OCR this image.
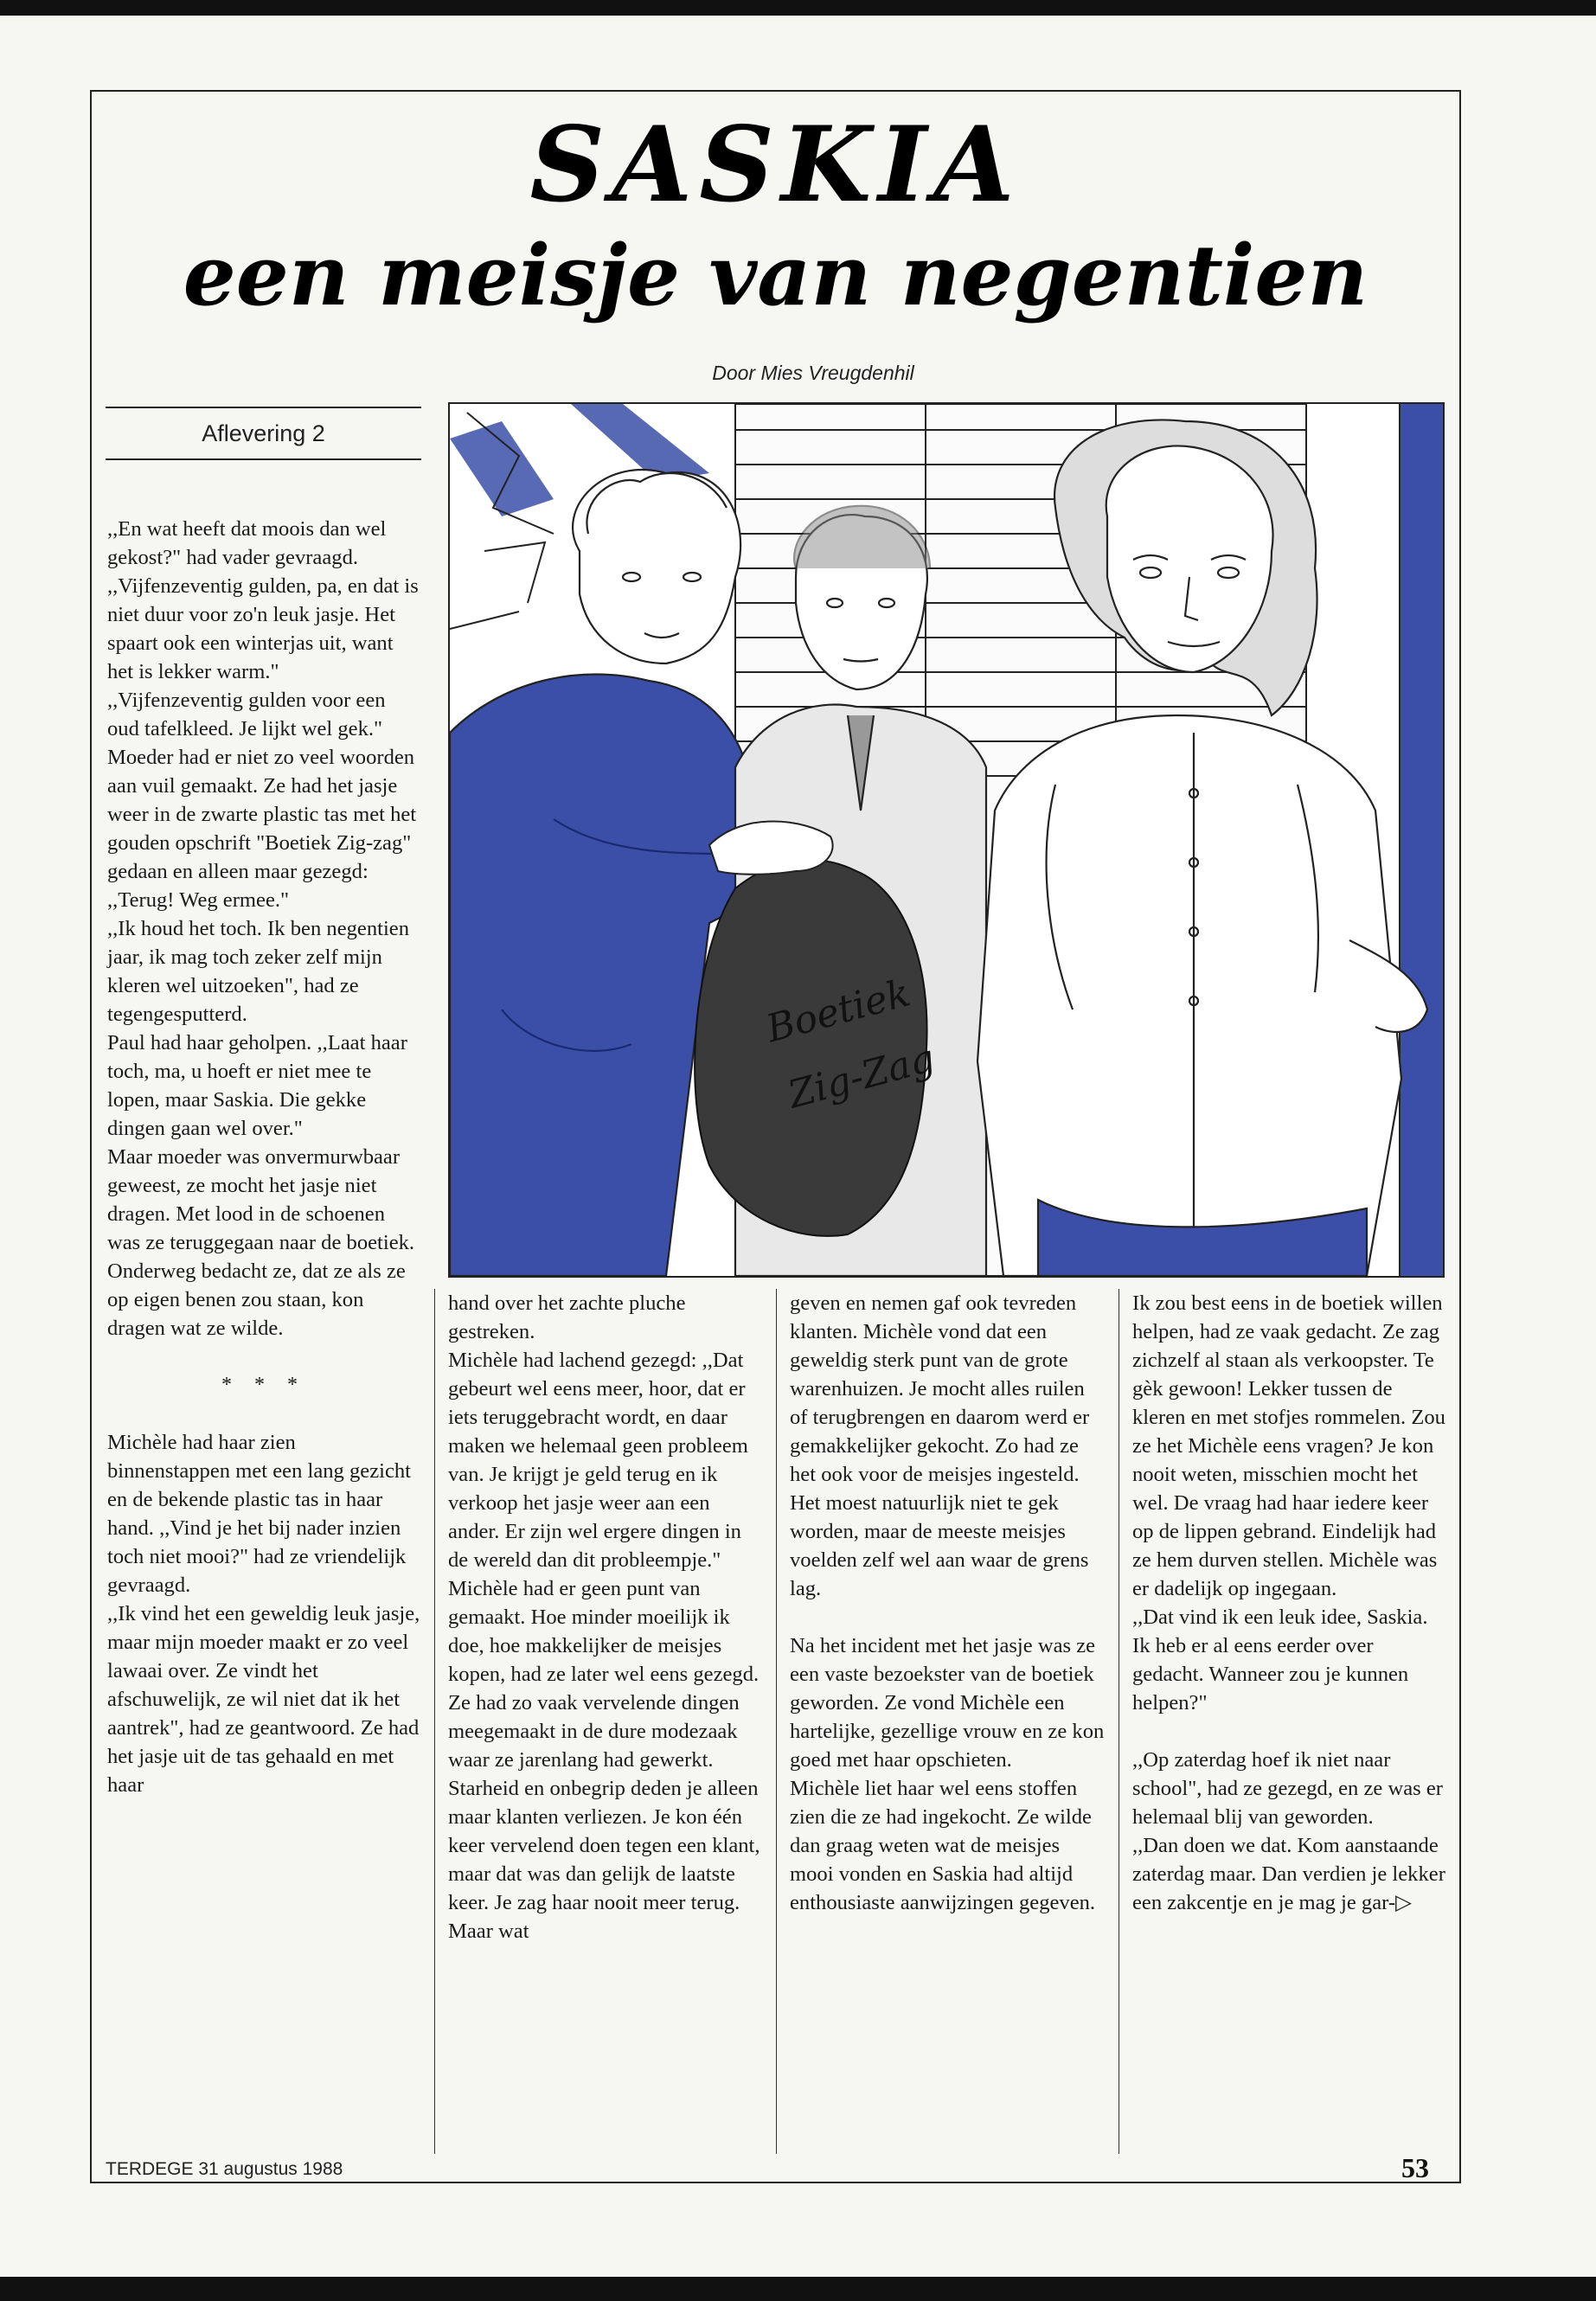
SASKIA
een meisje van negentien
Door Mies Vreugdenhil
Aflevering 2
Boetiek
Zig-Zag

,,En wat heeft dat moois dan wel gekost?" had vader gevraagd.

,,Vijfenzeventig gulden, pa, en dat is niet duur voor zo'n leuk jasje. Het spaart ook een winterjas uit, want het is lekker warm."

,,Vijfenzeventig gulden voor een oud tafelkleed. Je lijkt wel gek." Moeder had er niet zo veel woorden aan vuil gemaakt. Ze had het jasje weer in de zwarte plastic tas met het gouden opschrift "Boetiek Zig-zag" gedaan en alleen maar gezegd: ,,Terug! Weg ermee."

,,Ik houd het toch. Ik ben negentien jaar, ik mag toch zeker zelf mijn kleren wel uitzoeken", had ze tegengesputterd.

Paul had haar geholpen. ,,Laat haar toch, ma, u hoeft er niet mee te lopen, maar Saskia. Die gekke dingen gaan wel over."

Maar moeder was onvermurwbaar geweest, ze mocht het jasje niet dragen. Met lood in de schoenen was ze teruggegaan naar de boetiek. Onderweg bedacht ze, dat ze als ze op eigen benen zou staan, kon dragen wat ze wilde.

* * *

Michèle had haar zien binnenstappen met een lang gezicht en de bekende plastic tas in haar hand. ,,Vind je het bij nader inzien toch niet mooi?" had ze vriendelijk gevraagd.

,,Ik vind het een geweldig leuk jasje, maar mijn moeder maakt er zo veel lawaai over. Ze vindt het afschuwelijk, ze wil niet dat ik het aantrek", had ze geantwoord. Ze had het jasje uit de tas gehaald en met haar

hand over het zachte pluche gestreken.

Michèle had lachend gezegd: ,,Dat gebeurt wel eens meer, hoor, dat er iets teruggebracht wordt, en daar maken we helemaal geen probleem van. Je krijgt je geld terug en ik verkoop het jasje weer aan een ander. Er zijn wel ergere dingen in de wereld dan dit probleempje."

Michèle had er geen punt van gemaakt. Hoe minder moeilijk ik doe, hoe makkelijker de meisjes kopen, had ze later wel eens gezegd. Ze had zo vaak vervelende dingen meegemaakt in de dure modezaak waar ze jarenlang had gewerkt. Starheid en onbegrip deden je alleen maar klanten verliezen. Je kon één keer vervelend doen tegen een klant, maar dat was dan gelijk de laatste keer. Je zag haar nooit meer terug. Maar wat

geven en nemen gaf ook tevreden klanten. Michèle vond dat een geweldig sterk punt van de grote warenhuizen. Je mocht alles ruilen of terugbrengen en daarom werd er gemakkelijker gekocht. Zo had ze het ook voor de meisjes ingesteld. Het moest natuurlijk niet te gek worden, maar de meeste meisjes voelden zelf wel aan waar de grens lag.

Na het incident met het jasje was ze een vaste bezoekster van de boetiek geworden. Ze vond Michèle een hartelijke, gezellige vrouw en ze kon goed met haar opschieten.

Michèle liet haar wel eens stoffen zien die ze had ingekocht. Ze wilde dan graag weten wat de meisjes mooi vonden en Saskia had altijd enthousiaste aanwijzingen gegeven.

Ik zou best eens in de boetiek willen helpen, had ze vaak gedacht. Ze zag zichzelf al staan als verkoopster. Te gèk gewoon! Lekker tussen de kleren en met stofjes rommelen. Zou ze het Michèle eens vragen? Je kon nooit weten, misschien mocht het wel. De vraag had haar iedere keer op de lippen gebrand. Eindelijk had ze hem durven stellen. Michèle was er dadelijk op ingegaan.

,,Dat vind ik een leuk idee, Saskia. Ik heb er al eens eerder over gedacht. Wanneer zou je kunnen helpen?"

,,Op zaterdag hoef ik niet naar school", had ze gezegd, en ze was er helemaal blij van geworden.

,,Dan doen we dat. Kom aanstaande zaterdag maar. Dan verdien je lekker een zakcentje en je mag je gar-▷

TERDEGE 31 augustus 1988	53
